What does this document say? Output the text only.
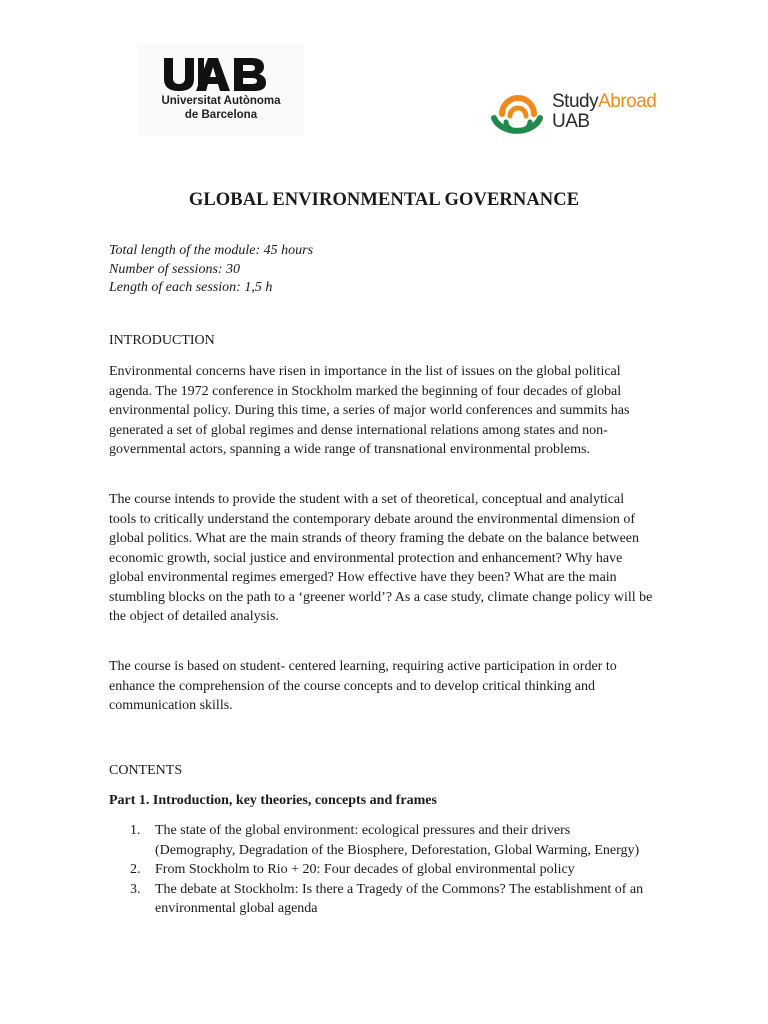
Universitat Autònoma
de Barcelona
StudyAbroad
UAB
GLOBAL ENVIRONMENTAL GOVERNANCE
Total length of the module: 45 hours
Number of sessions: 30
Length of each session: 1,5 h
INTRODUCTION

Environmental concerns have risen in importance in the list of issues on the global political agenda. The 1972 conference in Stockholm marked the beginning of four decades of global environmental policy. During this time, a series of major world conferences and summits has generated a set of global regimes and dense international relations among states and non-governmental actors, spanning a wide range of transnational environmental problems.

The course intends to provide the student with a set of theoretical, conceptual and analytical tools to critically understand the contemporary debate around the environmental dimension of global politics. What are the main strands of theory framing the debate on the balance between economic growth, social justice and environmental protection and enhancement? Why have global environmental regimes emerged? How effective have they been? What are the main stumbling blocks on the path to a ‘greener world’? As a case study, climate change policy will be the object of detailed analysis.

The course is based on student- centered learning, requiring active participation in order to enhance the comprehension of the course concepts and to develop critical thinking and communication skills.

CONTENTS
Part 1. Introduction, key theories, concepts and frames
1. The state of the global environment: ecological pressures and their drivers (Demography, Degradation of the Biosphere, Deforestation, Global Warming, Energy)
2. From Stockholm to Rio + 20: Four decades of global environmental policy
3. The debate at Stockholm: Is there a Tragedy of the Commons? The establishment of an environmental global agenda
